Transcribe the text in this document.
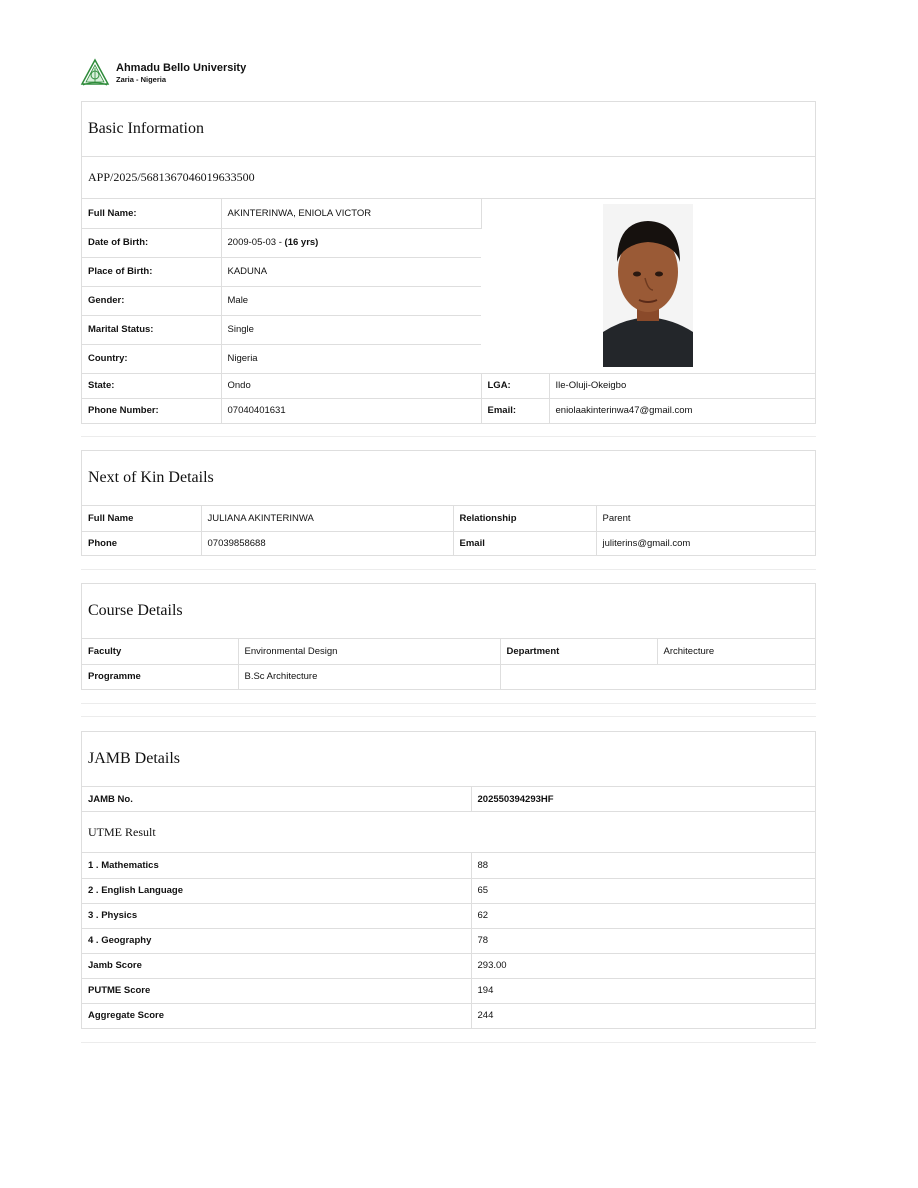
Ahmadu Bello University
Zaria - Nigeria
Basic Information
APP/2025/5681367046019633500
Full Name:	AKINTERINWA, ENIOLA VICTOR	
Date of Birth:	2009-05-03 - (16 yrs)		
Place of Birth:	KADUNA		
Gender:	Male		
Marital Status:	Single		
Country:	Nigeria		
State:	Ondo	LGA:	Ile-Oluji-Okeigbo
Phone Number:	07040401631	Email:	eniolaakinterinwa47@gmail.com
Next of Kin Details
Full Name	JULIANA AKINTERINWA	Relationship	Parent
Phone	07039858688	Email	juliterins@gmail.com
Course Details
Faculty	Environmental Design	Department	Architecture
Programme	B.Sc Architecture		
JAMB Details
JAMB No.	202550394293HF
UTME Result
1 . Mathematics	88
2 . English Language	65
3 . Physics	62
4 . Geography	78
Jamb Score	293.00
PUTME Score	194
Aggregate Score	244
